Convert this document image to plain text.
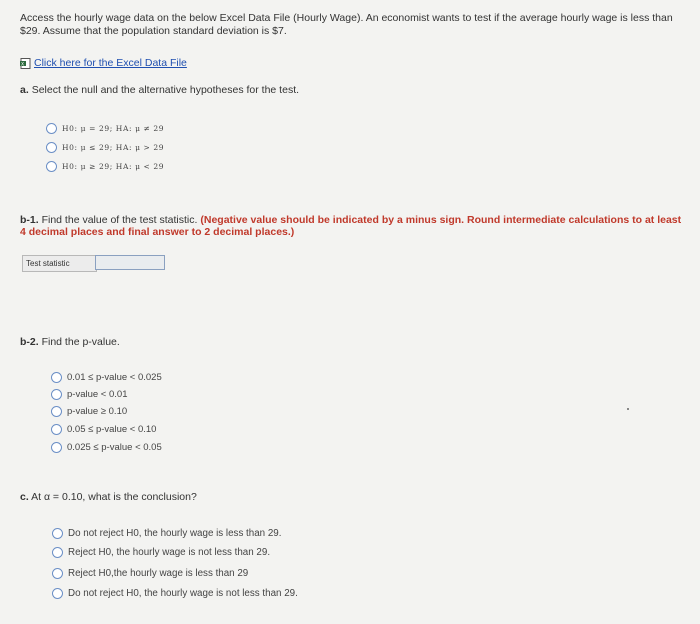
Access the hourly wage data on the below Excel Data File (Hourly Wage). An economist wants to test if the average hourly wage is less than $29. Assume that the population standard deviation is $7.
X Click here for the Excel Data File
a. Select the null and the alternative hypotheses for the test.
H0: μ = 29; HA: μ ≠ 29
H0: μ ≤ 29; HA: μ > 29
H0: μ ≥ 29; HA: μ < 29
b-1. Find the value of the test statistic. (Negative value should be indicated by a minus sign. Round intermediate calculations to at least 4 decimal places and final answer to 2 decimal places.)
Test statistic
b-2. Find the p-value.
0.01 ≤ p-value < 0.025
p-value < 0.01
p-value ≥ 0.10
0.05 ≤ p-value < 0.10
0.025 ≤ p-value < 0.05
c. At α = 0.10, what is the conclusion?
Do not reject H0, the hourly wage is less than 29.
Reject H0, the hourly wage is not less than 29.
Reject H0,the hourly wage is less than 29
Do not reject H0, the hourly wage is not less than 29.
